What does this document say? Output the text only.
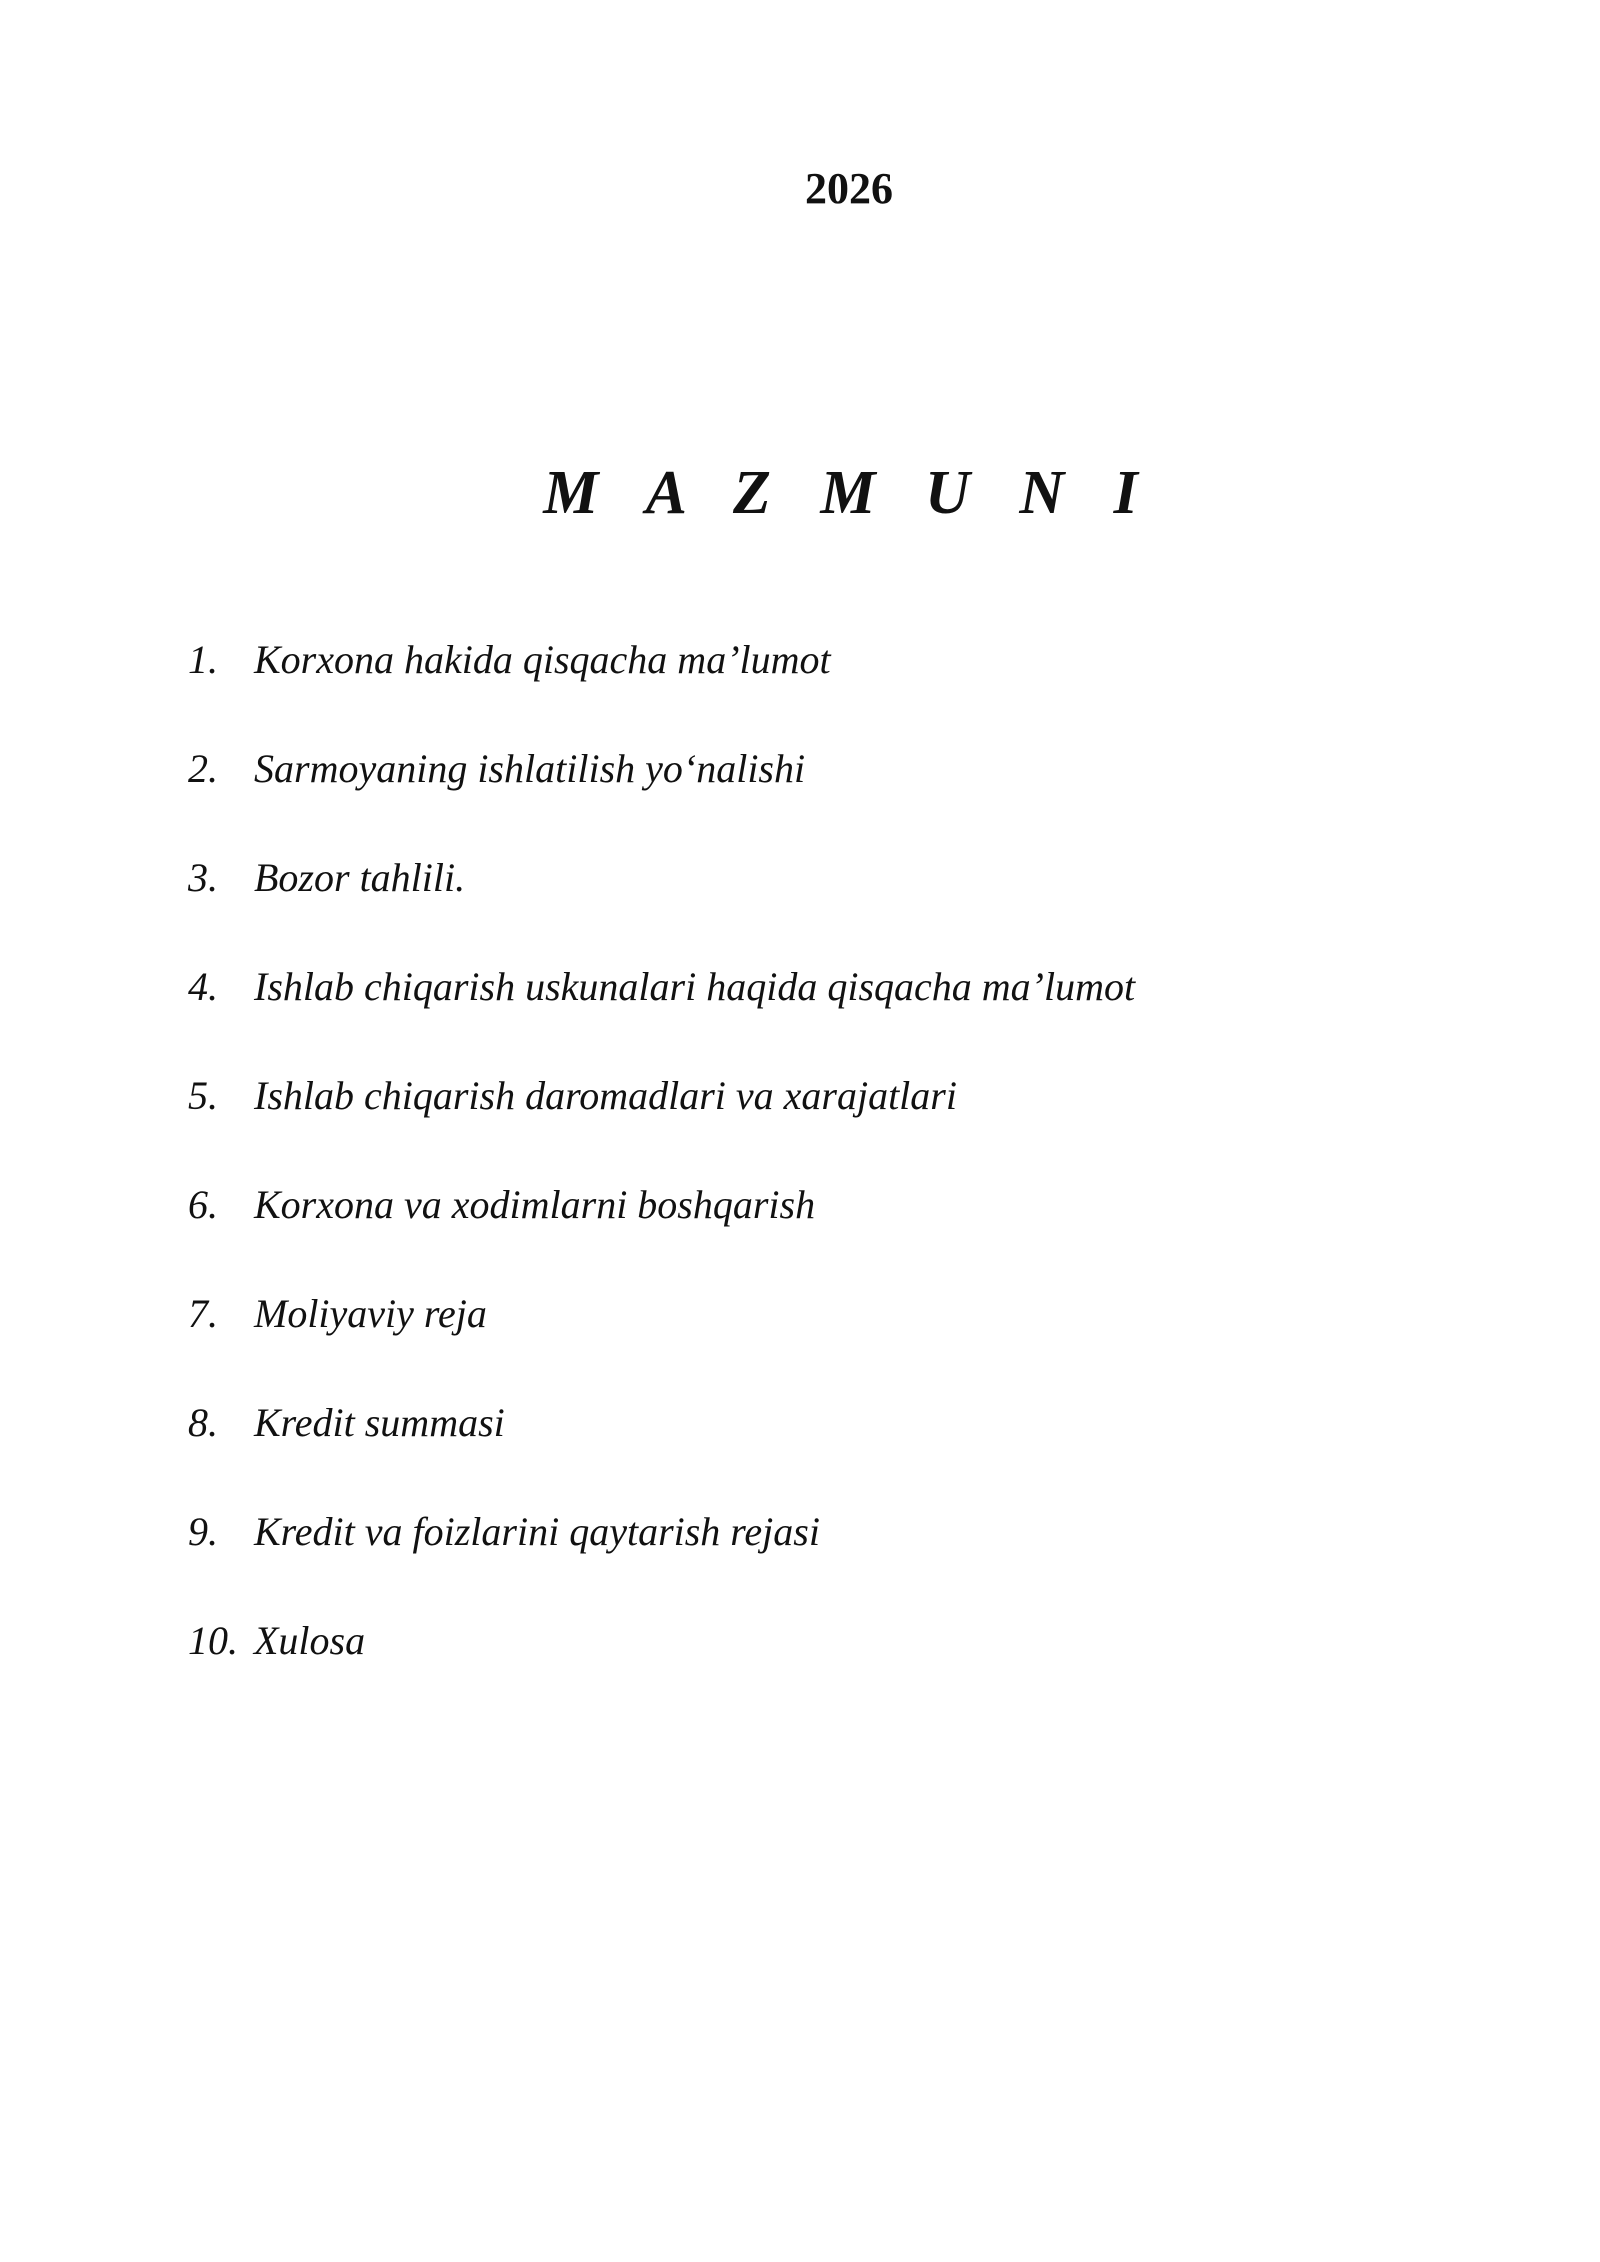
2026
M A Z M U N I
1. Korxona hakida qisqacha ma’lumot
2. Sarmoyaning ishlatilish yo‘nalishi
3. Bozor tahlili.
4. Ishlab chiqarish uskunalari haqida qisqacha ma’lumot
5. Ishlab chiqarish daromadlari va xarajatlari
6. Korxona va xodimlarni boshqarish
7. Moliyaviy reja
8. Kredit summasi
9. Kredit va foizlarini qaytarish rejasi
10. Xulosa
